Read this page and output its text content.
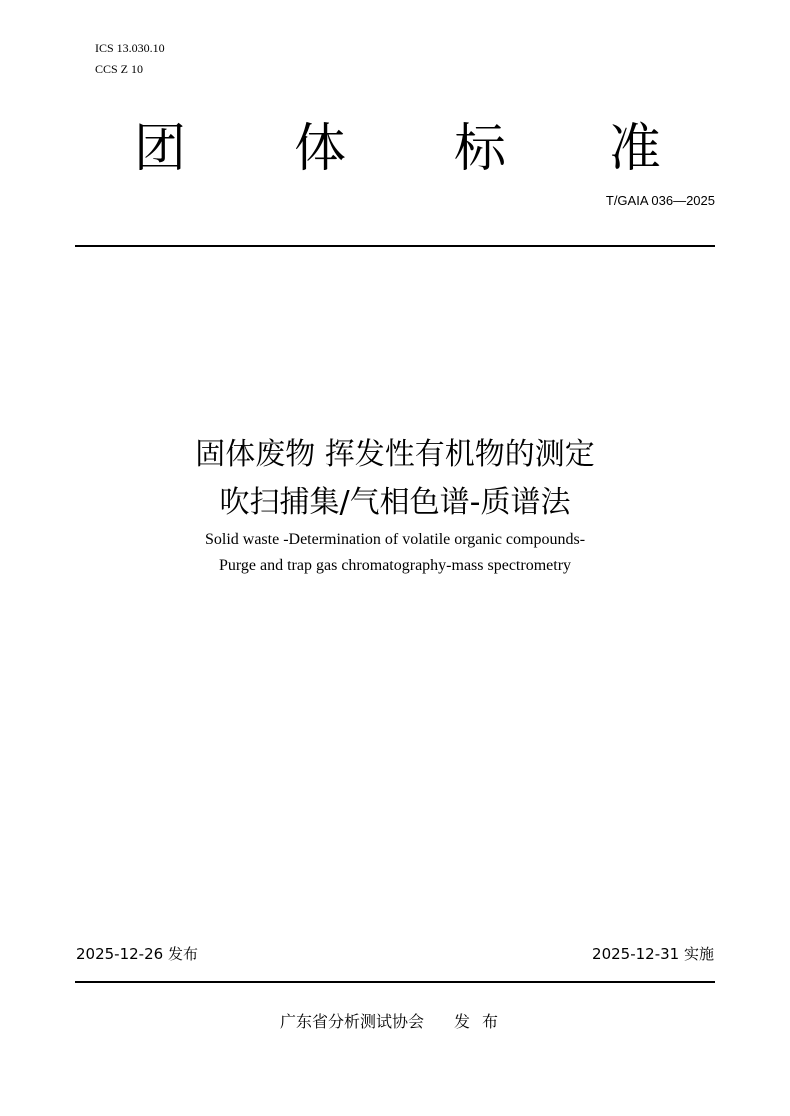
ICS 13.030.10
CCS Z 10
团 体 标 准
T/GAIA 036—2025
固体废物 挥发性有机物的测定
吹扫捕集/气相色谱-质谱法
Solid waste -Determination of volatile organic compounds-
Purge and trap gas chromatography-mass spectrometry
2025-12-26 发布	2025-12-31 实施
广东省分析测试协会 发布
